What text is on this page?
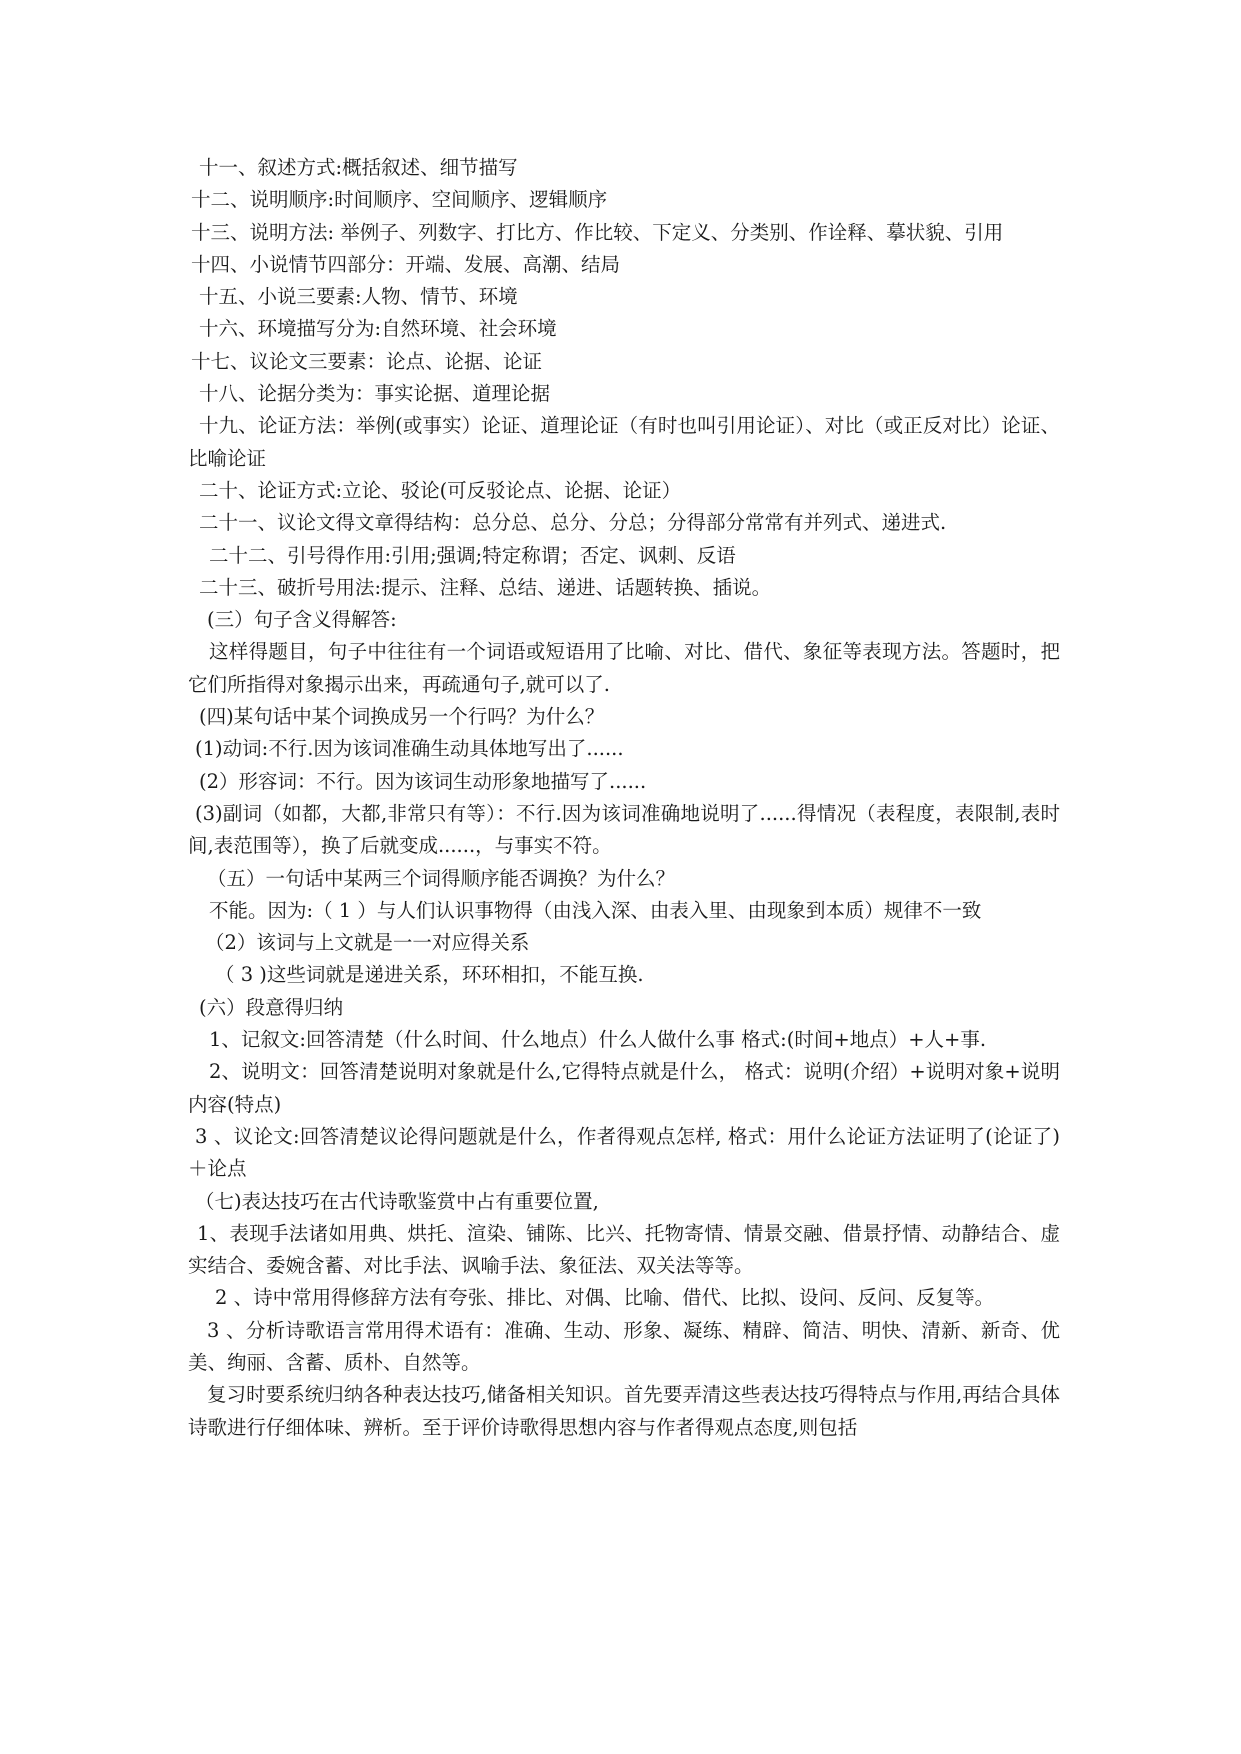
十一、叙述方式:概括叙述、细节描写
十二、说明顺序:时间顺序、空间顺序、逻辑顺序
十三、说明方法: 举例子、列数字、打比方、作比较、下定义、分类别、作诠释、摹状貌、引用
十四、小说情节四部分：开端、发展、高潮、结局
十五、小说三要素:人物、情节、环境
十六、环境描写分为:自然环境、社会环境
十七、议论文三要素：论点、论据、论证
十八、论据分类为：事实论据、道理论据
十九、论证方法：举例(或事实）论证、道理论证（有时也叫引用论证）、对比（或正反对比）论证、比喻论证
二十、论证方式:立论、驳论(可反驳论点、论据、论证）
二十一、议论文得文章得结构：总分总、总分、分总；分得部分常常有并列式、递进式.
二十二、引号得作用:引用;强调;特定称谓；否定、讽刺、反语
二十三、破折号用法:提示、注释、总结、递进、话题转换、插说。
(三）句子含义得解答:
这样得题目，句子中往往有一个词语或短语用了比喻、对比、借代、象征等表现方法。答题时，把它们所指得对象揭示出来，再疏通句子,就可以了.
(四)某句话中某个词换成另一个行吗？为什么？
(1)动词:不行.因为该词准确生动具体地写出了......
(2）形容词：不行。因为该词生动形象地描写了......
(3)副词（如都，大都,非常只有等）：不行.因为该词准确地说明了......得情况（表程度，表限制,表时间,表范围等），换了后就变成......，与事实不符。
（五）一句话中某两三个词得顺序能否调换？为什么？
不能。因为:（ 1 ）与人们认识事物得（由浅入深、由表入里、由现象到本质）规律不一致
（2）该词与上文就是一一对应得关系
（ 3 )这些词就是递进关系，环环相扣，不能互换.
(六）段意得归纳
1、记叙文:回答清楚（什么时间、什么地点）什么人做什么事 格式:(时间+地点）+人+事.
2、说明文：回答清楚说明对象就是什么,它得特点就是什么， 格式：说明(介绍）+说明对象+说明内容(特点)
3 、议论文:回答清楚议论得问题就是什么，作者得观点怎样, 格式：用什么论证方法证明了(论证了)＋论点
（七)表达技巧在古代诗歌鉴赏中占有重要位置,
1、表现手法诸如用典、烘托、渲染、铺陈、比兴、托物寄情、情景交融、借景抒情、动静结合、虚实结合、委婉含蓄、对比手法、讽喻手法、象征法、双关法等等。
2 、诗中常用得修辞方法有夸张、排比、对偶、比喻、借代、比拟、设问、反问、反复等。
3 、分析诗歌语言常用得术语有：准确、生动、形象、凝练、精辟、简洁、明快、清新、新奇、优美、绚丽、含蓄、质朴、自然等。
复习时要系统归纳各种表达技巧,储备相关知识。首先要弄清这些表达技巧得特点与作用,再结合具体诗歌进行仔细体味、辨析。至于评价诗歌得思想内容与作者得观点态度,则包括
